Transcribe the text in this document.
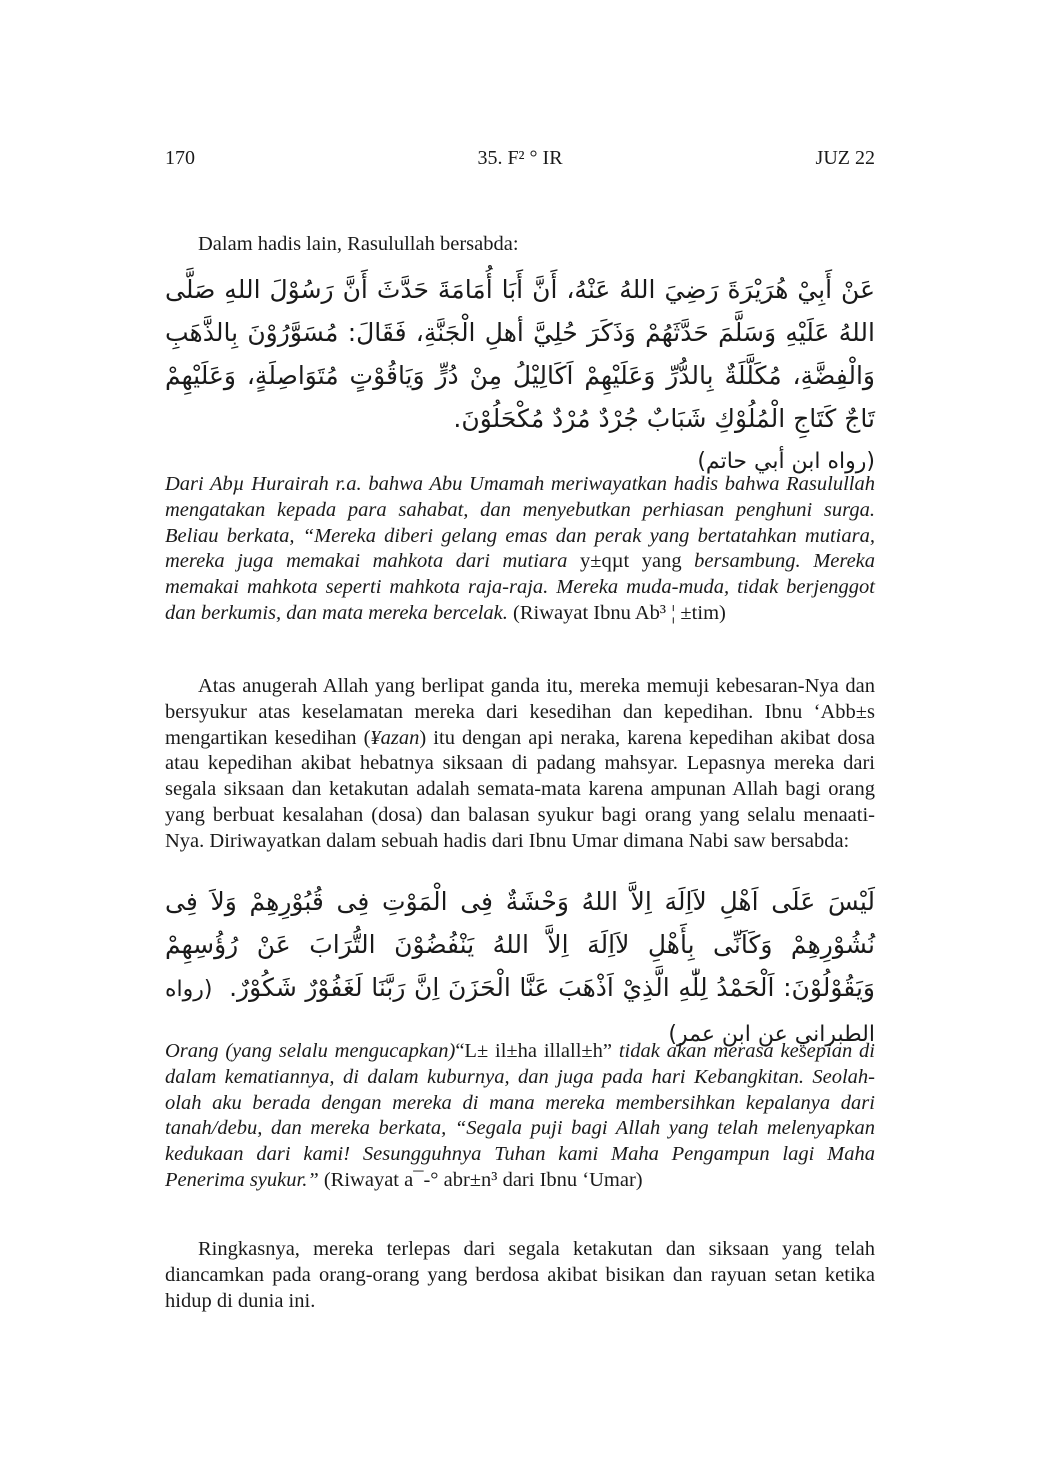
170	35. F² ° IR	JUZ 22

Dalam hadis lain, Rasulullah bersabda:

عَنْ أَبِيْ هُرَيْرَةَ رَضِيَ اللهُ عَنْهُ، أَنَّ أَبَا أُمَامَةَ حَدَّثَ أَنَّ رَسُوْلَ اللهِ صَلَّى اللهُ عَلَيْهِ وَسَلَّمَ حَدَّثَهُمْ وَذَكَرَ حُلِيَّ أهلِ الْجَنَّةِ، فَقَالَ: مُسَوَّرُوْنَ بِالذَّهَبِ وَالْفِضَّةِ، مُكَلَّلَةٌ بِالدُّرِّ وَعَلَيْهِمْ اَكَالِيْلُ مِنْ دُرٍّ وَيَاقُوْتٍ مُتَوَاصِلَةٍ، وَعَلَيْهِمْ تَاجٌ كَتَاجِ الْمُلُوْكِ شَبَابٌ جُرْدٌ مُرْدٌ مُكْحَلُوْنَ.
(رواه ابن أبي حاتم)

Dari Abµ Hurairah r.a. bahwa Abu Umamah meriwayatkan hadis bahwa Rasulullah mengatakan kepada para sahabat, dan menyebutkan perhiasan penghuni surga. Beliau berkata, “Mereka diberi gelang emas dan perak yang bertatahkan mutiara, mereka juga memakai mahkota dari mutiara y±qµt yang bersambung. Mereka memakai mahkota seperti mahkota raja-raja. Mereka muda-muda, tidak berjenggot dan berkumis, dan mata mereka bercelak. (Riwayat Ibnu Ab³ ¦ ±tim)

Atas anugerah Allah yang berlipat ganda itu, mereka memuji kebesaran-Nya dan bersyukur atas keselamatan mereka dari kesedihan dan kepedihan. Ibnu ‘Abb±s mengartikan kesedihan (¥azan) itu dengan api neraka, karena kepedihan akibat dosa atau kepedihan akibat hebatnya siksaan di padang mahsyar. Lepasnya mereka dari segala siksaan dan ketakutan adalah semata-mata karena ampunan Allah bagi orang yang berbuat kesalahan (dosa) dan balasan syukur bagi orang yang selalu menaati-Nya. Diriwayatkan dalam sebuah hadis dari Ibnu Umar dimana Nabi saw bersabda:

لَيْسَ عَلَى اَهْلِ لاَاِلَهَ اِلاَّ اللهُ وَحْشَةٌ فِى الْمَوْتِ فِى قُبُوْرِهِمْ وَلاَ فِى نُشُوْرِهِمْ وَكَاَنِّى بِأَهْلِ لاَاِلَهَ اِلاَّ اللهُ يَنْفُضُوْنَ التُّرَابَ عَنْ رُؤُسِهِمْ وَيَقُوْلُوْنَ: اَلْحَمْدُ لِلّٰهِ الَّذِيْ اَذْهَبَ عَنَّا الْحَزَنَ اِنَّ رَبَّنَا لَغَفُوْرٌ شَكُوْرٌ. (رواه الطبراني عن ابن عمر)

Orang (yang selalu mengucapkan)“L± il±ha illall±h” tidak akan merasa kesepian di dalam kematiannya, di dalam kuburnya, dan juga pada hari Kebangkitan. Seolah-olah aku berada dengan mereka di mana mereka membersihkan kepalanya dari tanah/debu, dan mereka berkata, “Segala puji bagi Allah yang telah melenyapkan kedukaan dari kami! Sesungguhnya Tuhan kami Maha Pengampun lagi Maha Penerima syukur.” (Riwayat a¯-° abr±n³ dari Ibnu ‘Umar)

Ringkasnya, mereka terlepas dari segala ketakutan dan siksaan yang telah diancamkan pada orang-orang yang berdosa akibat bisikan dan rayuan setan ketika hidup di dunia ini.
